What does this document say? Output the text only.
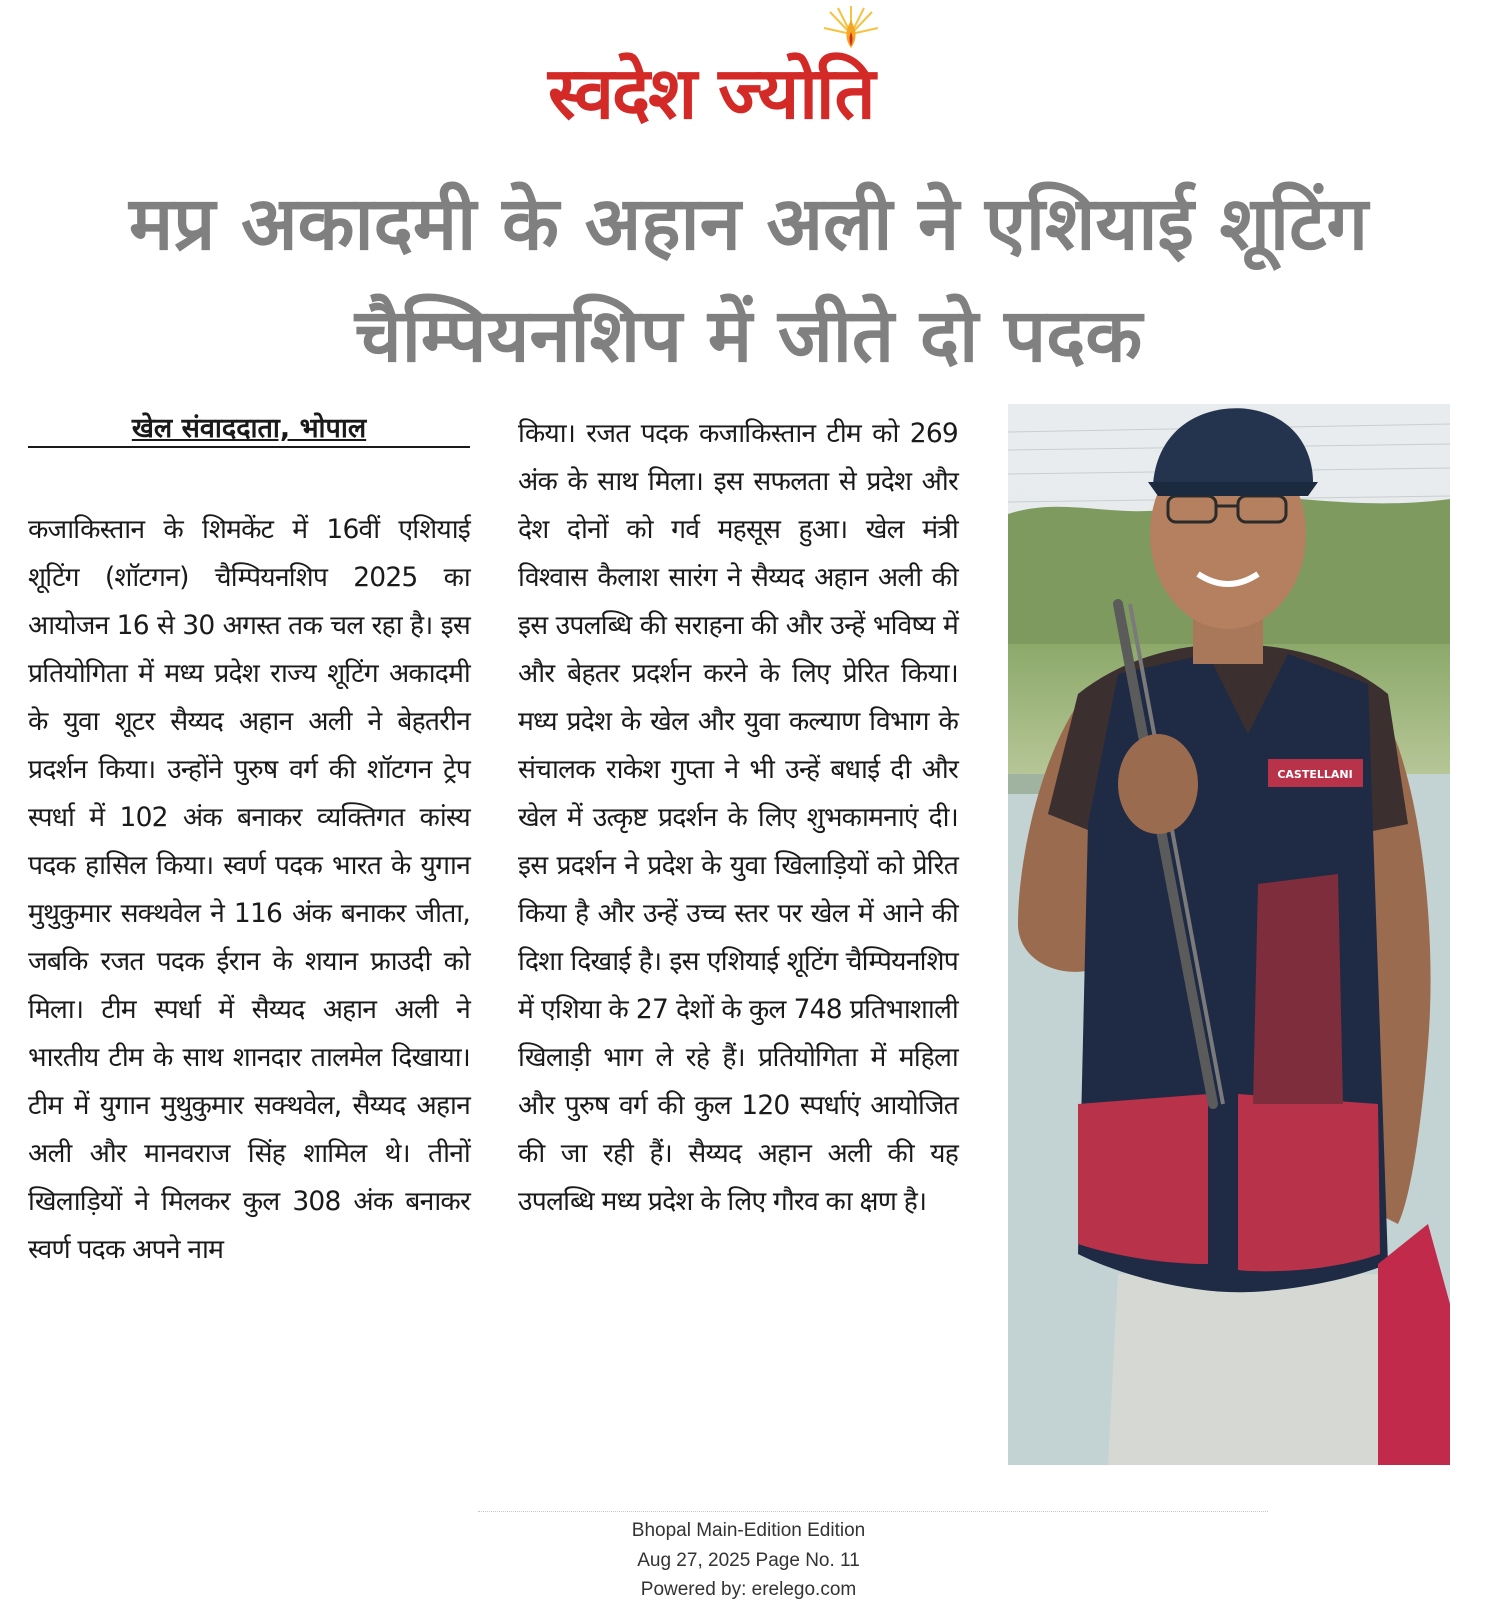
स्वदेश ज्योति
मप्र अकादमी के अहान अली ने एशियाई शूटिंग चैम्पियनशिप में जीते दो पदक
खेल संवाददाता, भोपाल

कजाकिस्तान के शिमकेंट में 16वीं एशियाई शूटिंग (शॉटगन) चैम्पियनशिप 2025 का आयोजन 16 से 30 अगस्त तक चल रहा है। इस प्रतियोगिता में मध्य प्रदेश राज्य शूटिंग अकादमी के युवा शूटर सैय्यद अहान अली ने बेहतरीन प्रदर्शन किया। उन्होंने पुरुष वर्ग की शॉटगन ट्रेप स्पर्धा में 102 अंक बनाकर व्यक्तिगत कांस्य पदक हासिल किया। स्वर्ण पदक भारत के युगान मुथुकुमार सक्थवेल ने 116 अंक बनाकर जीता, जबकि रजत पदक ईरान के शयान फ्राउदी को मिला। टीम स्पर्धा में सैय्यद अहान अली ने भारतीय टीम के साथ शानदार तालमेल दिखाया। टीम में युगान मुथुकुमार सक्थवेल, सैय्यद अहान अली और मानवराज सिंह शामिल थे। तीनों खिलाड़ियों ने मिलकर कुल 308 अंक बनाकर स्वर्ण पदक अपने नाम

किया। रजत पदक कजाकिस्तान टीम को 269 अंक के साथ मिला। इस सफलता से प्रदेश और देश दोनों को गर्व महसूस हुआ। खेल मंत्री विश्वास कैलाश सारंग ने सैय्यद अहान अली की इस उपलब्धि की सराहना की और उन्हें भविष्य में और बेहतर प्रदर्शन करने के लिए प्रेरित किया। मध्य प्रदेश के खेल और युवा कल्याण विभाग के संचालक राकेश गुप्ता ने भी उन्हें बधाई दी और खेल में उत्कृष्ट प्रदर्शन के लिए शुभकामनाएं दी। इस प्रदर्शन ने प्रदेश के युवा खिलाड़ियों को प्रेरित किया है और उन्हें उच्च स्तर पर खेल में आने की दिशा दिखाई है। इस एशियाई शूटिंग चैम्पियनशिप में एशिया के 27 देशों के कुल 748 प्रतिभाशाली खिलाड़ी भाग ले रहे हैं। प्रतियोगिता में महिला और पुरुष वर्ग की कुल 120 स्पर्धाएं आयोजित की जा रही हैं। सैय्यद अहान अली की यह उपलब्धि मध्य प्रदेश के लिए गौरव का क्षण है।

CASTELLANI
Bhopal Main-Edition Edition
Aug 27, 2025 Page No. 11
Powered by: erelego.com
